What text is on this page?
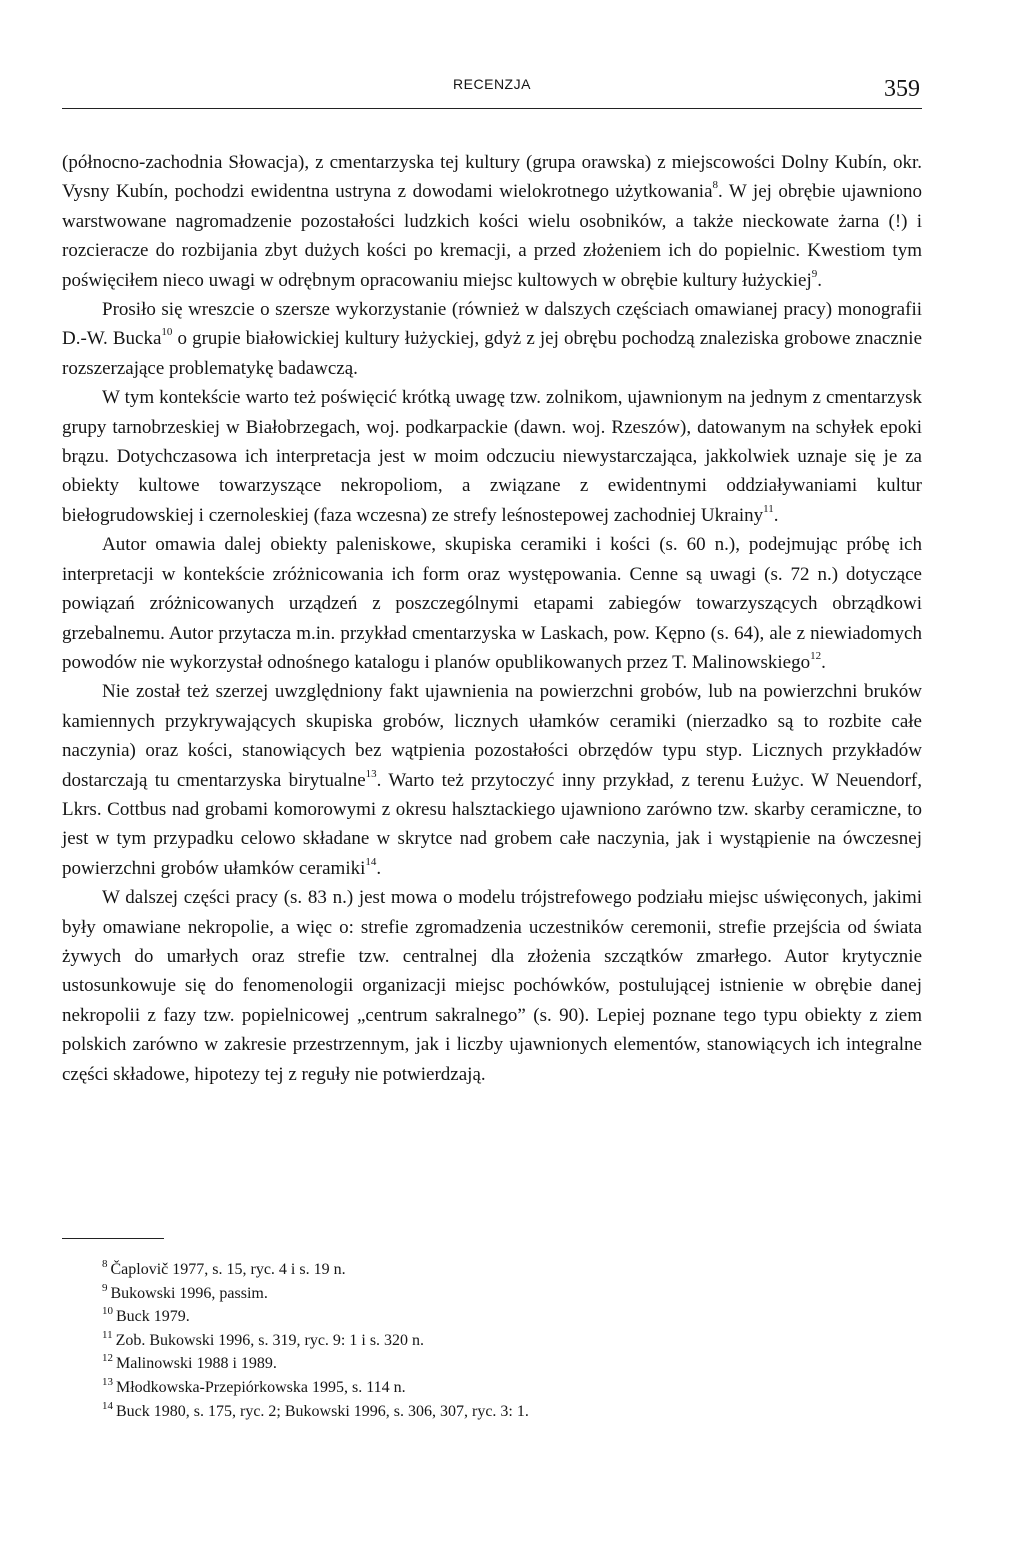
RECENZJA	359

(północno-zachodnia Słowacja), z cmentarzyska tej kultury (grupa orawska) z miejscowości Dolny Kubín, okr. Vysny Kubín, pochodzi ewidentna ustryna z dowodami wielokrotnego użytkowania$^8$. W jej obrębie ujawniono warstwowane nagromadzenie pozostałości ludzkich kości wielu osobników, a także nieckowate żarna (!) i rozcieracze do rozbijania zbyt dużych kości po kremacji, a przed złożeniem ich do popielnic. Kwestiom tym poświęciłem nieco uwagi w odrębnym opracowaniu miejsc kultowych w obrębie kultury łużyckiej$^9$.

Prosiło się wreszcie o szersze wykorzystanie (również w dalszych częściach omawianej pracy) monografii D.-W. Bucka$^{10}$ o grupie białowickiej kultury łużyckiej, gdyż z jej obrębu pochodzą znaleziska grobowe znacznie rozszerzające problematykę badawczą.

W tym kontekście warto też poświęcić krótką uwagę tzw. zolnikom, ujawnionym na jednym z cmentarzysk grupy tarnobrzeskiej w Białobrzegach, woj. podkarpackie (dawn. woj. Rzeszów), datowanym na schyłek epoki brązu. Dotychczasowa ich interpretacja jest w moim odczuciu niewystarczająca, jakkolwiek uznaje się je za obiekty kultowe towarzyszące nekropoliom, a związane z ewidentnymi oddziaływaniami kultur biełogrudowskiej i czernoleskiej (faza wczesna) ze strefy leśnostepowej zachodniej Ukrainy$^{11}$.

Autor omawia dalej obiekty paleniskowe, skupiska ceramiki i kości (s. 60 n.), podejmując próbę ich interpretacji w kontekście zróżnicowania ich form oraz występowania. Cenne są uwagi (s. 72 n.) dotyczące powiązań zróżnicowanych urządzeń z poszczególnymi etapami zabiegów towarzyszących obrządkowi grzebalnemu. Autor przytacza m.in. przykład cmentarzyska w Laskach, pow. Kępno (s. 64), ale z niewiadomych powodów nie wykorzystał odnośnego katalogu i planów opublikowanych przez T. Malinowskiego$^{12}$.

Nie został też szerzej uwzględniony fakt ujawnienia na powierzchni grobów, lub na powierzchni bruków kamiennych przykrywających skupiska grobów, licznych ułamków ceramiki (nierzadko są to rozbite całe naczynia) oraz kości, stanowiących bez wątpienia pozostałości obrzędów typu styp. Licznych przykładów dostarczają tu cmentarzyska birytualne$^{13}$. Warto też przytoczyć inny przykład, z terenu Łużyc. W Neuendorf, Lkrs. Cottbus nad grobami komorowymi z okresu halsztackiego ujawniono zarówno tzw. skarby ceramiczne, to jest w tym przypadku celowo składane w skrytce nad grobem całe naczynia, jak i wystąpienie na ówczesnej powierzchni grobów ułamków ceramiki$^{14}$.

W dalszej części pracy (s. 83 n.) jest mowa o modelu trójstrefowego podziału miejsc uświęconych, jakimi były omawiane nekropolie, a więc o: strefie zgromadzenia uczestników ceremonii, strefie przejścia od świata żywych do umarłych oraz strefie tzw. centralnej dla złożenia szczątków zmarłego. Autor krytycznie ustosunkowuje się do fenomenologii organizacji miejsc pochówków, postulującej istnienie w obrębie danej nekropolii z fazy tzw. popielnicowej „centrum sakralnego” (s. 90). Lepiej poznane tego typu obiekty z ziem polskich zarówno w zakresie przestrzennym, jak i liczby ujawnionych elementów, stanowiących ich integralne części składowe, hipotezy tej z reguły nie potwierdzają.

$^8$ Čaplovič 1977, s. 15, ryc. 4 i s. 19 n.
$^9$ Bukowski 1996, passim.
$^{10}$ Buck 1979.
$^{11}$ Zob. Bukowski 1996, s. 319, ryc. 9: 1 i s. 320 n.
$^{12}$ Malinowski 1988 i 1989.
$^{13}$ Młodkowska-Przepiórkowska 1995, s. 114 n.
$^{14}$ Buck 1980, s. 175, ryc. 2; Bukowski 1996, s. 306, 307, ryc. 3: 1.
